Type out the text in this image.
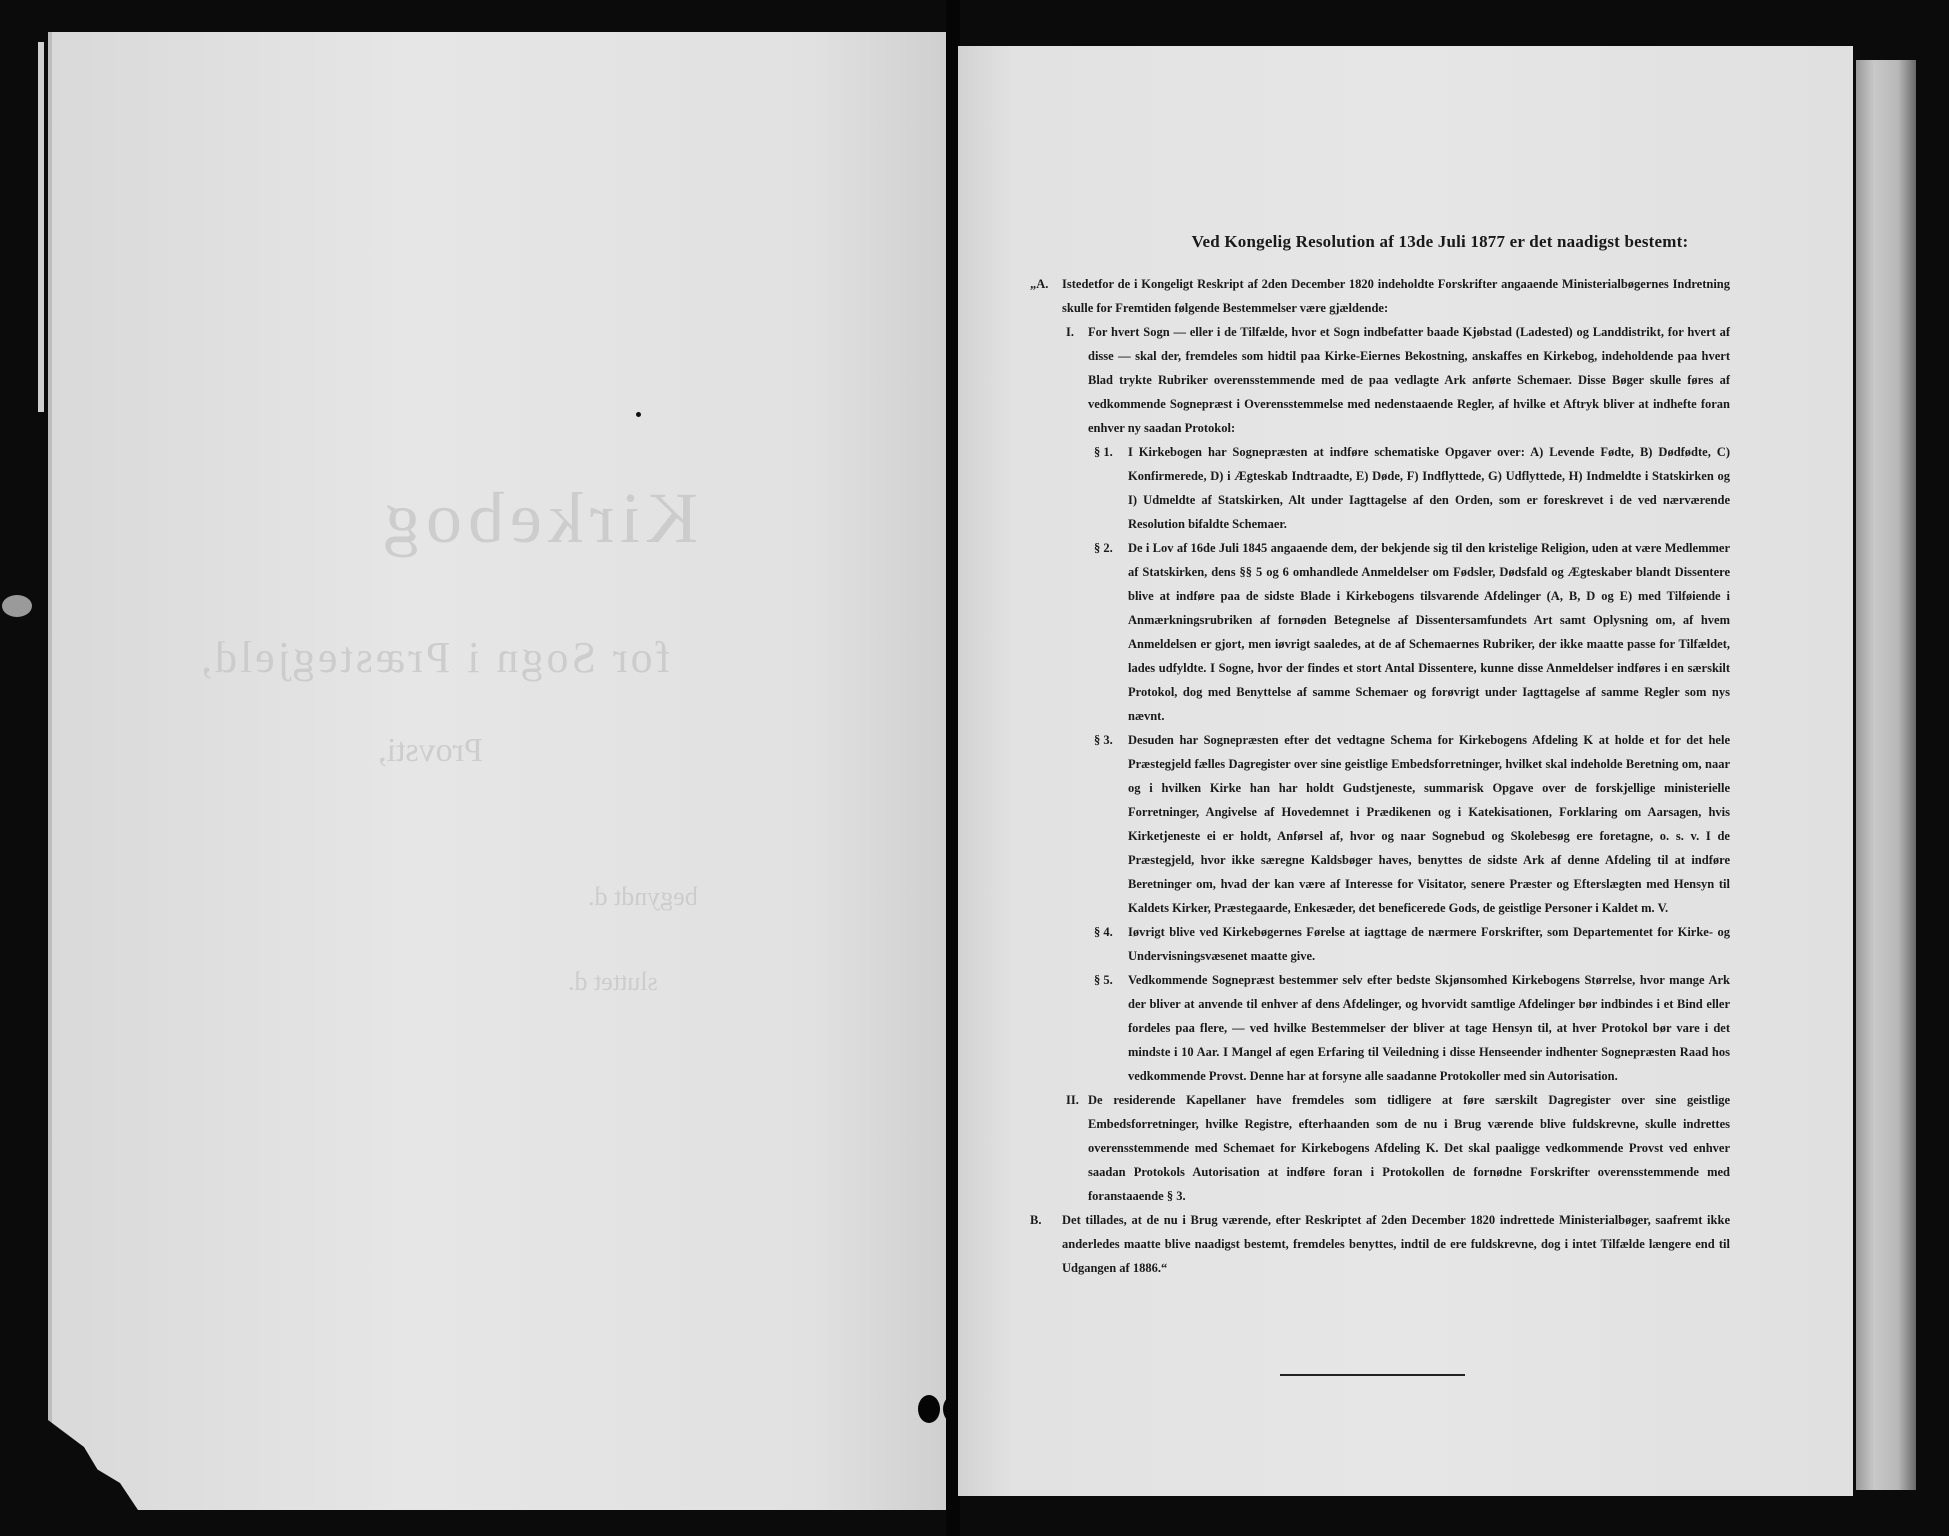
Kirkebog
for Sogn i Præstegjeld,
Provsti,
begyndt d.
sluttet d.

Ved Kongelig Resolution af 13de Juli 1877 er det naadigst bestemt:

„A.	Istedetfor de i Kongeligt Reskript af 2den December 1820 indeholdte Forskrifter angaaende Ministerialbøgernes Indretning skulle for Fremtiden følgende Bestemmelser være gjældende:
I.	For hvert Sogn — eller i de Tilfælde, hvor et Sogn indbefatter baade Kjøbstad (Ladested) og Landdistrikt, for hvert af disse — skal der, fremdeles som hidtil paa Kirke-Eiernes Bekostning, anskaffes en Kirkebog, indeholdende paa hvert Blad trykte Rubriker overensstemmende med de paa vedlagte Ark anførte Schemaer. Disse Bøger skulle føres af vedkommende Sognepræst i Overensstemmelse med nedenstaaende Regler, af hvilke et Aftryk bliver at indhefte foran enhver ny saadan Protokol:
§ 1.	I Kirkebogen har Sognepræsten at indføre schematiske Opgaver over: A) Levende Fødte, B) Dødfødte, C) Konfirmerede, D) i Ægteskab Indtraadte, E) Døde, F) Indflyttede, G) Udflyttede, H) Indmeldte i Statskirken og I) Udmeldte af Statskirken, Alt under Iagttagelse af den Orden, som er foreskrevet i de ved nærværende Resolution bifaldte Schemaer.
§ 2.	De i Lov af 16de Juli 1845 angaaende dem, der bekjende sig til den kristelige Religion, uden at være Medlemmer af Statskirken, dens §§ 5 og 6 omhandlede Anmeldelser om Fødsler, Dødsfald og Ægteskaber blandt Dissentere blive at indføre paa de sidste Blade i Kirkebogens tilsvarende Afdelinger (A, B, D og E) med Tilføiende i Anmærkningsrubriken af fornøden Betegnelse af Dissentersamfundets Art samt Oplysning om, af hvem Anmeldelsen er gjort, men iøvrigt saaledes, at de af Schemaernes Rubriker, der ikke maatte passe for Tilfældet, lades udfyldte. I Sogne, hvor der findes et stort Antal Dissentere, kunne disse Anmeldelser indføres i en særskilt Protokol, dog med Benyttelse af samme Schemaer og forøvrigt under Iagttagelse af samme Regler som nys nævnt.
§ 3.	Desuden har Sognepræsten efter det vedtagne Schema for Kirkebogens Afdeling K at holde et for det hele Præstegjeld fælles Dagregister over sine geistlige Embedsforretninger, hvilket skal indeholde Beretning om, naar og i hvilken Kirke han har holdt Gudstjeneste, summarisk Opgave over de forskjellige ministerielle Forretninger, Angivelse af Hovedemnet i Prædikenen og i Katekisationen, Forklaring om Aarsagen, hvis Kirketjeneste ei er holdt, Anførsel af, hvor og naar Sognebud og Skolebesøg ere foretagne, o. s. v. I de Præstegjeld, hvor ikke særegne Kaldsbøger haves, benyttes de sidste Ark af denne Afdeling til at indføre Beretninger om, hvad der kan være af Interesse for Visitator, senere Præster og Efterslægten med Hensyn til Kaldets Kirker, Præstegaarde, Enkesæder, det beneficerede Gods, de geistlige Personer i Kaldet m. V.
§ 4.	Iøvrigt blive ved Kirkebøgernes Førelse at iagttage de nærmere Forskrifter, som Departementet for Kirke- og Undervisningsvæsenet maatte give.
§ 5.	Vedkommende Sognepræst bestemmer selv efter bedste Skjønsomhed Kirkebogens Størrelse, hvor mange Ark der bliver at anvende til enhver af dens Afdelinger, og hvorvidt samtlige Afdelinger bør indbindes i et Bind eller fordeles paa flere, — ved hvilke Bestemmelser der bliver at tage Hensyn til, at hver Protokol bør vare i det mindste i 10 Aar. I Mangel af egen Erfaring til Veiledning i disse Henseender indhenter Sognepræsten Raad hos vedkommende Provst. Denne har at forsyne alle saadanne Protokoller med sin Autorisation.
II. De residerende Kapellaner have fremdeles som tidligere at føre særskilt Dagregister over sine geistlige Embedsforretninger, hvilke Registre, efterhaanden som de nu i Brug værende blive fuldskrevne, skulle indrettes overensstemmende med Schemaet for Kirkebogens Afdeling K. Det skal paaligge vedkommende Provst ved enhver saadan Protokols Autorisation at indføre foran i Protokollen de fornødne Forskrifter overensstemmende med foranstaaende § 3.
B.	Det tillades, at de nu i Brug værende, efter Reskriptet af 2den December 1820 indrettede Ministerialbøger, saafremt ikke anderledes maatte blive naadigst bestemt, fremdeles benyttes, indtil de ere fuldskrevne, dog i intet Tilfælde længere end til Udgangen af 1886.“
